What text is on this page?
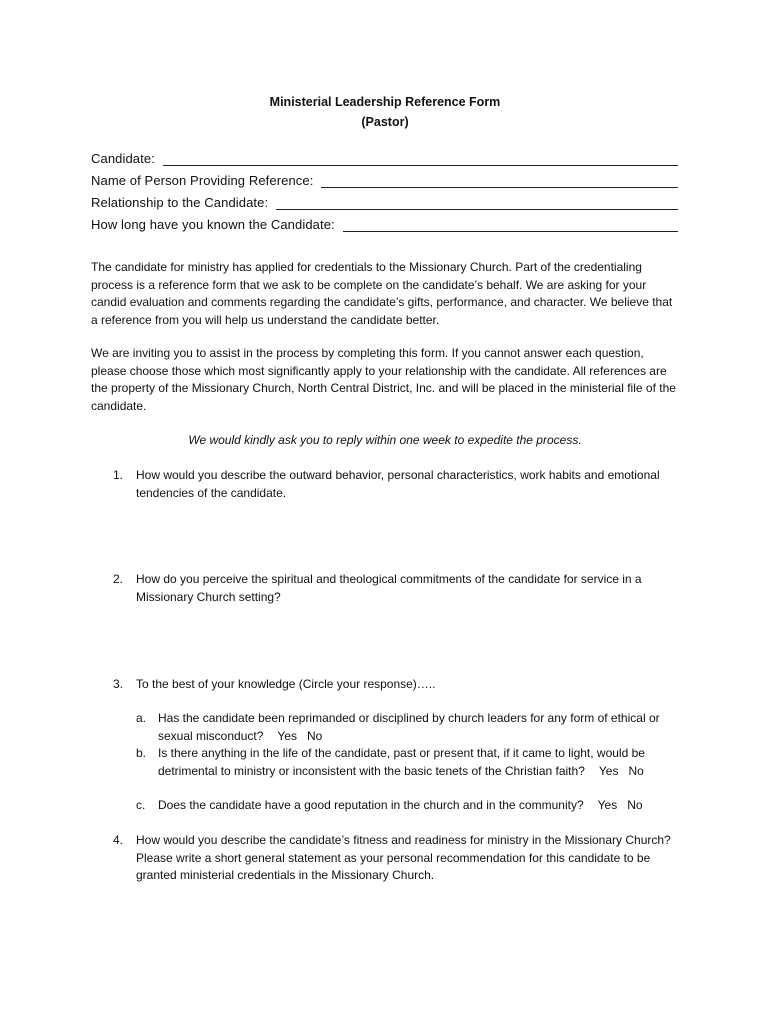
Ministerial Leadership Reference Form
(Pastor)
Candidate:
Name of Person Providing Reference:
Relationship to the Candidate:
How long have you known the Candidate:

The candidate for ministry has applied for credentials to the Missionary Church. Part of the credentialing process is a reference form that we ask to be complete on the candidate’s behalf. We are asking for your candid evaluation and comments regarding the candidate’s gifts, performance, and character. We believe that a reference from you will help us understand the candidate better.

We are inviting you to assist in the process by completing this form. If you cannot answer each question, please choose those which most significantly apply to your relationship with the candidate. All references are the property of the Missionary Church, North Central District, Inc. and will be placed in the ministerial file of the candidate.

We would kindly ask you to reply within one week to expedite the process.
1.	How would you describe the outward behavior, personal characteristics, work habits and emotional tendencies of the candidate.
2.	How do you perceive the spiritual and theological commitments of the candidate for service in a Missionary Church setting?
3.	To the best of your knowledge (Circle your response)…..
a. Has the candidate been reprimanded or disciplined by church leaders for any form of ethical or sexual misconduct? Yes No
b. Is there anything in the life of the candidate, past or present that, if it came to light, would be detrimental to ministry or inconsistent with the basic tenets of the Christian faith? Yes No
c. Does the candidate have a good reputation in the church and in the community? Yes No
4.	How would you describe the candidate’s fitness and readiness for ministry in the Missionary Church? Please write a short general statement as your personal recommendation for this candidate to be granted ministerial credentials in the Missionary Church.
